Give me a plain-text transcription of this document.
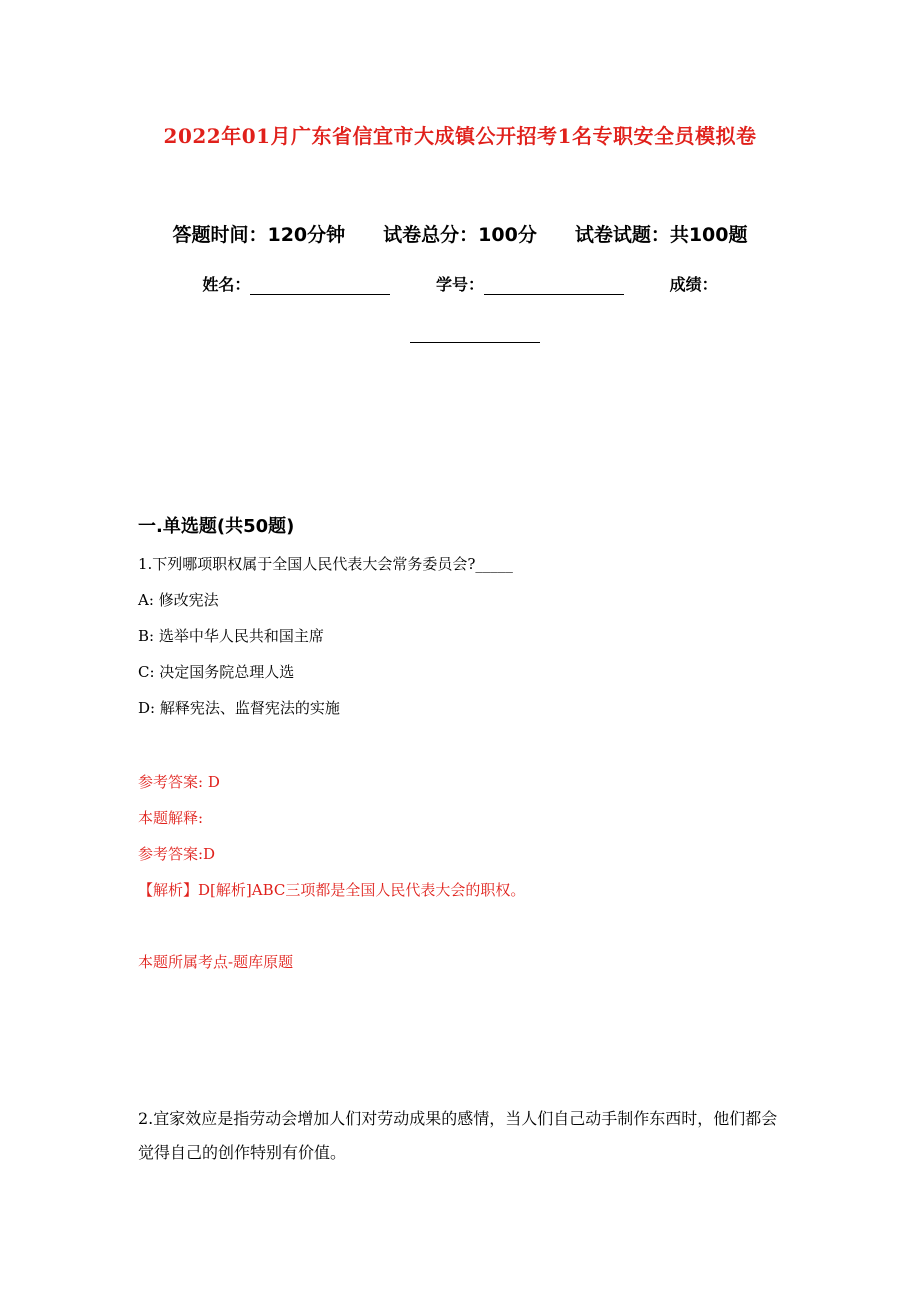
2022年01月广东省信宜市大成镇公开招考1名专职安全员模拟卷
答题时间：120分钟 试卷总分：100分 试卷试题：共100题
姓名：	学号：	成绩：
一.单选题(共50题)
1.下列哪项职权属于全国人民代表大会常务委员会?_____
A: 修改宪法
B: 选举中华人民共和国主席
C: 决定国务院总理人选
D: 解释宪法、监督宪法的实施
参考答案: D
本题解释:
参考答案:D
【解析】D[解析]ABC三项都是全国人民代表大会的职权。
本题所属考点-题库原题
2.宜家效应是指劳动会增加人们对劳动成果的感情，当人们自己动手制作东西时，他们都会觉得自己的创作特别有价值。
